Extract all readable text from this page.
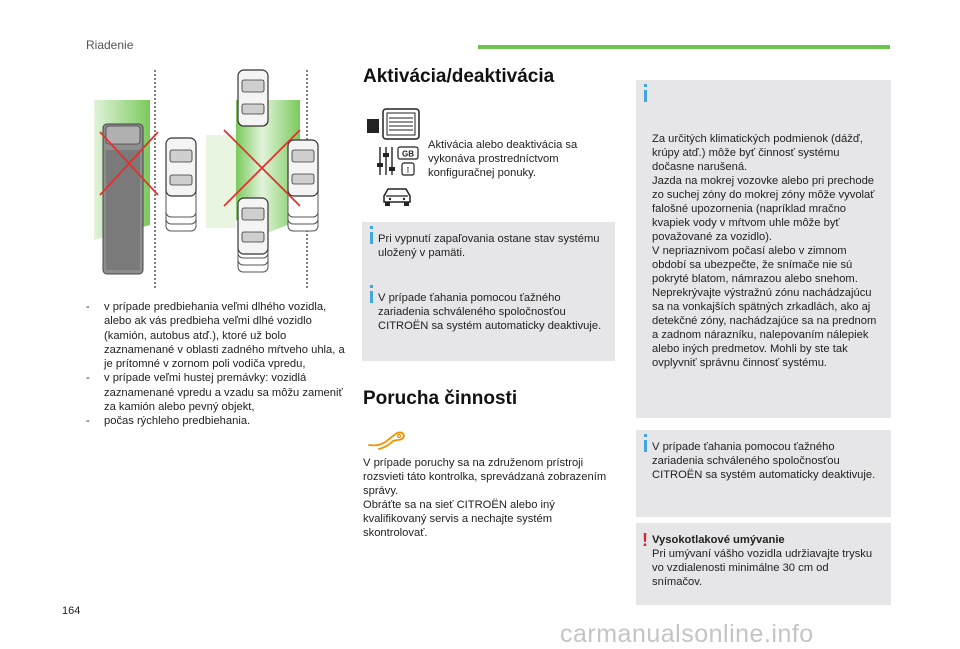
Riadenie
-	v prípade predbiehania veľmi dlhého vozidla, alebo ak vás predbieha veľmi dlhé vozidlo (kamión, autobus atď.), ktoré už bolo zaznamenané v oblasti zadného mŕtveho uhla, a je prítomné v zornom poli vodiča vpredu,
-	v prípade veľmi hustej premávky: vozidlá zaznamenané vpredu a vzadu sa môžu zameniť za kamión alebo pevný objekt,
-	počas rýchleho predbiehania.
Aktivácia/deaktivácia
GB
I
Aktivácia alebo deaktivácia sa vykonáva prostredníctvom konfiguračnej ponuky.
Pri vypnutí zapaľovania ostane stav systému uložený v pamäti.
V prípade ťahania pomocou ťažného zariadenia schváleného spoločnosťou CITROËN sa systém automaticky deaktivuje.
Porucha činnosti
V prípade poruchy sa na združenom prístroji rozsvieti táto kontrolka, sprevádzaná zobrazením správy.
Obráťte sa na sieť CITROËN alebo iný kvalifikovaný servis a nechajte systém skontrolovať.

Za určitých klimatických podmienok (dážď, krúpy atď.) môže byť činnosť systému dočasne narušená.
Jazda na mokrej vozovke alebo pri prechode zo suchej zóny do mokrej zóny môže vyvolať falošné upozornenia (napríklad mračno kvapiek vody v mŕtvom uhle môže byť považované za vozidlo).
V nepriaznivom počasí alebo v zimnom období sa ubezpečte, že snímače nie sú pokryté blatom, námrazou alebo snehom.
Neprekrývajte výstražnú zónu nachádzajúcu sa na vonkajších spätných zrkadlách, ako aj detekčné zóny, nachádzajúce sa na prednom a zadnom nárazníku, nalepovaním nálepiek alebo iných predmetov. Mohli by ste tak ovplyvniť správnu činnosť systému.

V prípade ťahania pomocou ťažného zariadenia schváleného spoločnosťou CITROËN sa systém automaticky deaktivuje.
! Vysokotlakové umývanie
Pri umývaní vášho vozidla udržiavajte trysku vo vzdialenosti minimálne 30 cm od snímačov.
164
carmanualsonline.info
